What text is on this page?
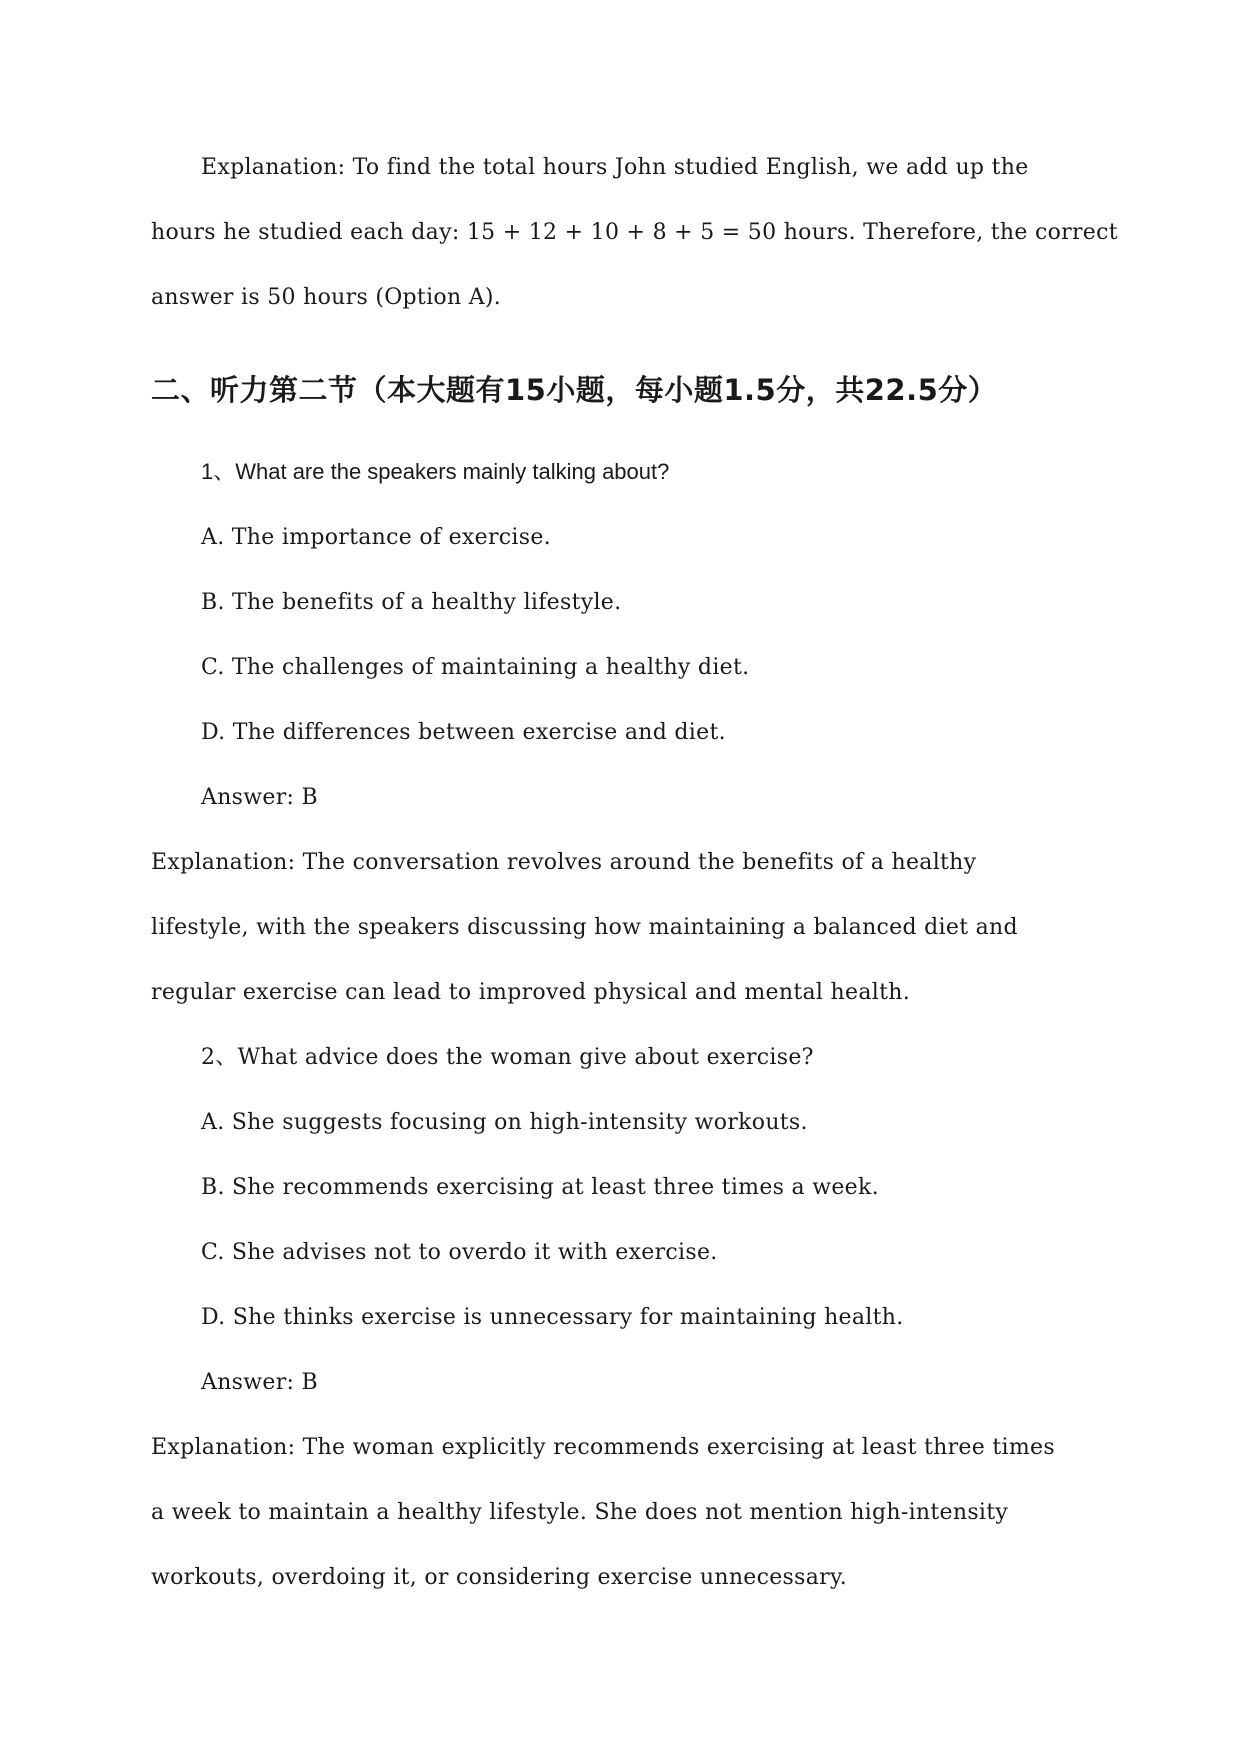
Explanation: To find the total hours John studied English, we add up the
hours he studied each day: 15 + 12 + 10 + 8 + 5 = 50 hours. Therefore, the correct
answer is 50 hours (Option A).
二、听力第二节（本大题有15小题，每小题1.5分，共22.5分）
1、What are the speakers mainly talking about?
A. The importance of exercise.
B. The benefits of a healthy lifestyle.
C. The challenges of maintaining a healthy diet.
D. The differences between exercise and diet.
Answer: B
Explanation: The conversation revolves around the benefits of a healthy
lifestyle, with the speakers discussing how maintaining a balanced diet and
regular exercise can lead to improved physical and mental health.
2、What advice does the woman give about exercise?
A. She suggests focusing on high-intensity workouts.
B. She recommends exercising at least three times a week.
C. She advises not to overdo it with exercise.
D. She thinks exercise is unnecessary for maintaining health.
Answer: B
Explanation: The woman explicitly recommends exercising at least three times
a week to maintain a healthy lifestyle. She does not mention high-intensity
workouts, overdoing it, or considering exercise unnecessary.
